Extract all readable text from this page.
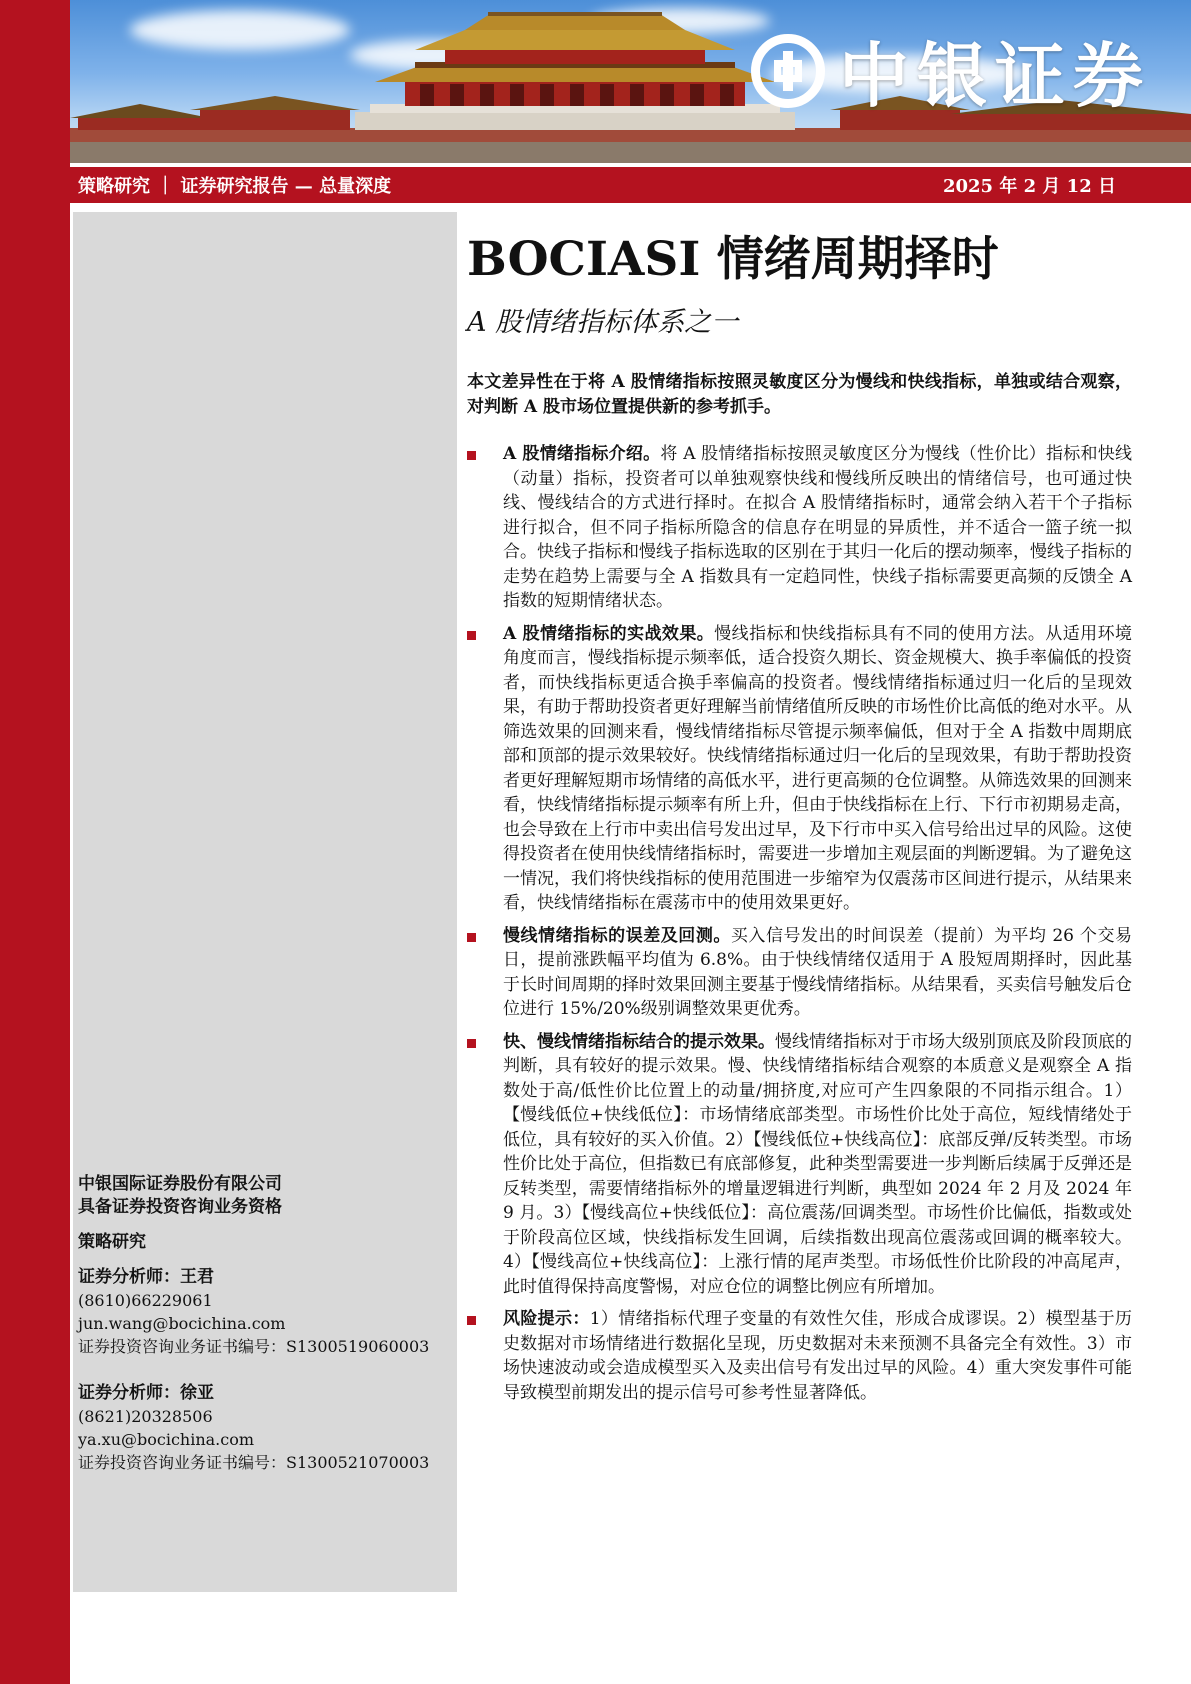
中银证券
策略研究 ｜ 证券研究报告 — 总量深度	2025 年 2 月 12 日
中银国际证券股份有限公司
具备证券投资咨询业务资格
策略研究
证券分析师：王君
(8610)66229061
jun.wang@bocichina.com
证券投资咨询业务证书编号：S1300519060003
证券分析师：徐亚
(8621)20328506
ya.xu@bocichina.com
证券投资咨询业务证书编号：S1300521070003
BOCIASI 情绪周期择时
A 股情绪指标体系之一
本文差异性在于将 A 股情绪指标按照灵敏度区分为慢线和快线指标，单独或结合观察，对判断 A 股市场位置提供新的参考抓手。
A 股情绪指标介绍。将 A 股情绪指标按照灵敏度区分为慢线（性价比）指标和快线（动量）指标，投资者可以单独观察快线和慢线所反映出的情绪信号，也可通过快线、慢线结合的方式进行择时。在拟合 A 股情绪指标时，通常会纳入若干个子指标进行拟合，但不同子指标所隐含的信息存在明显的异质性，并不适合一篮子统一拟合。快线子指标和慢线子指标选取的区别在于其归一化后的摆动频率，慢线子指标的走势在趋势上需要与全 A 指数具有一定趋同性，快线子指标需要更高频的反馈全 A 指数的短期情绪状态。
A 股情绪指标的实战效果。慢线指标和快线指标具有不同的使用方法。从适用环境角度而言，慢线指标提示频率低，适合投资久期长、资金规模大、换手率偏低的投资者，而快线指标更适合换手率偏高的投资者。慢线情绪指标通过归一化后的呈现效果，有助于帮助投资者更好理解当前情绪值所反映的市场性价比高低的绝对水平。从筛选效果的回测来看，慢线情绪指标尽管提示频率偏低，但对于全 A 指数中周期底部和顶部的提示效果较好。快线情绪指标通过归一化后的呈现效果，有助于帮助投资者更好理解短期市场情绪的高低水平，进行更高频的仓位调整。从筛选效果的回测来看，快线情绪指标提示频率有所上升，但由于快线指标在上行、下行市初期易走高，也会导致在上行市中卖出信号发出过早，及下行市中买入信号给出过早的风险。这使得投资者在使用快线情绪指标时，需要进一步增加主观层面的判断逻辑。为了避免这一情况，我们将快线指标的使用范围进一步缩窄为仅震荡市区间进行提示，从结果来看，快线情绪指标在震荡市中的使用效果更好。
慢线情绪指标的误差及回测。买入信号发出的时间误差（提前）为平均 26 个交易日，提前涨跌幅平均值为 6.8%。由于快线情绪仅适用于 A 股短周期择时，因此基于长时间周期的择时效果回测主要基于慢线情绪指标。从结果看，买卖信号触发后仓位进行 15%/20%级别调整效果更优秀。
快、慢线情绪指标结合的提示效果。慢线情绪指标对于市场大级别顶底及阶段顶底的判断，具有较好的提示效果。慢、快线情绪指标结合观察的本质意义是观察全 A 指数处于高/低性价比位置上的动量/拥挤度,对应可产生四象限的不同指示组合。1）【慢线低位+快线低位】：市场情绪底部类型。市场性价比处于高位，短线情绪处于低位，具有较好的买入价值。2）【慢线低位+快线高位】：底部反弹/反转类型。市场性价比处于高位，但指数已有底部修复，此种类型需要进一步判断后续属于反弹还是反转类型，需要情绪指标外的增量逻辑进行判断，典型如 2024 年 2 月及 2024 年 9 月。3）【慢线高位+快线低位】：高位震荡/回调类型。市场性价比偏低，指数或处于阶段高位区域，快线指标发生回调，后续指数出现高位震荡或回调的概率较大。4）【慢线高位+快线高位】：上涨行情的尾声类型。市场低性价比阶段的冲高尾声，此时值得保持高度警惕，对应仓位的调整比例应有所增加。
风险提示：1）情绪指标代理子变量的有效性欠佳，形成合成谬误。2）模型基于历史数据对市场情绪进行数据化呈现，历史数据对未来预测不具备完全有效性。3）市场快速波动或会造成模型买入及卖出信号有发出过早的风险。4）重大突发事件可能导致模型前期发出的提示信号可参考性显著降低。
